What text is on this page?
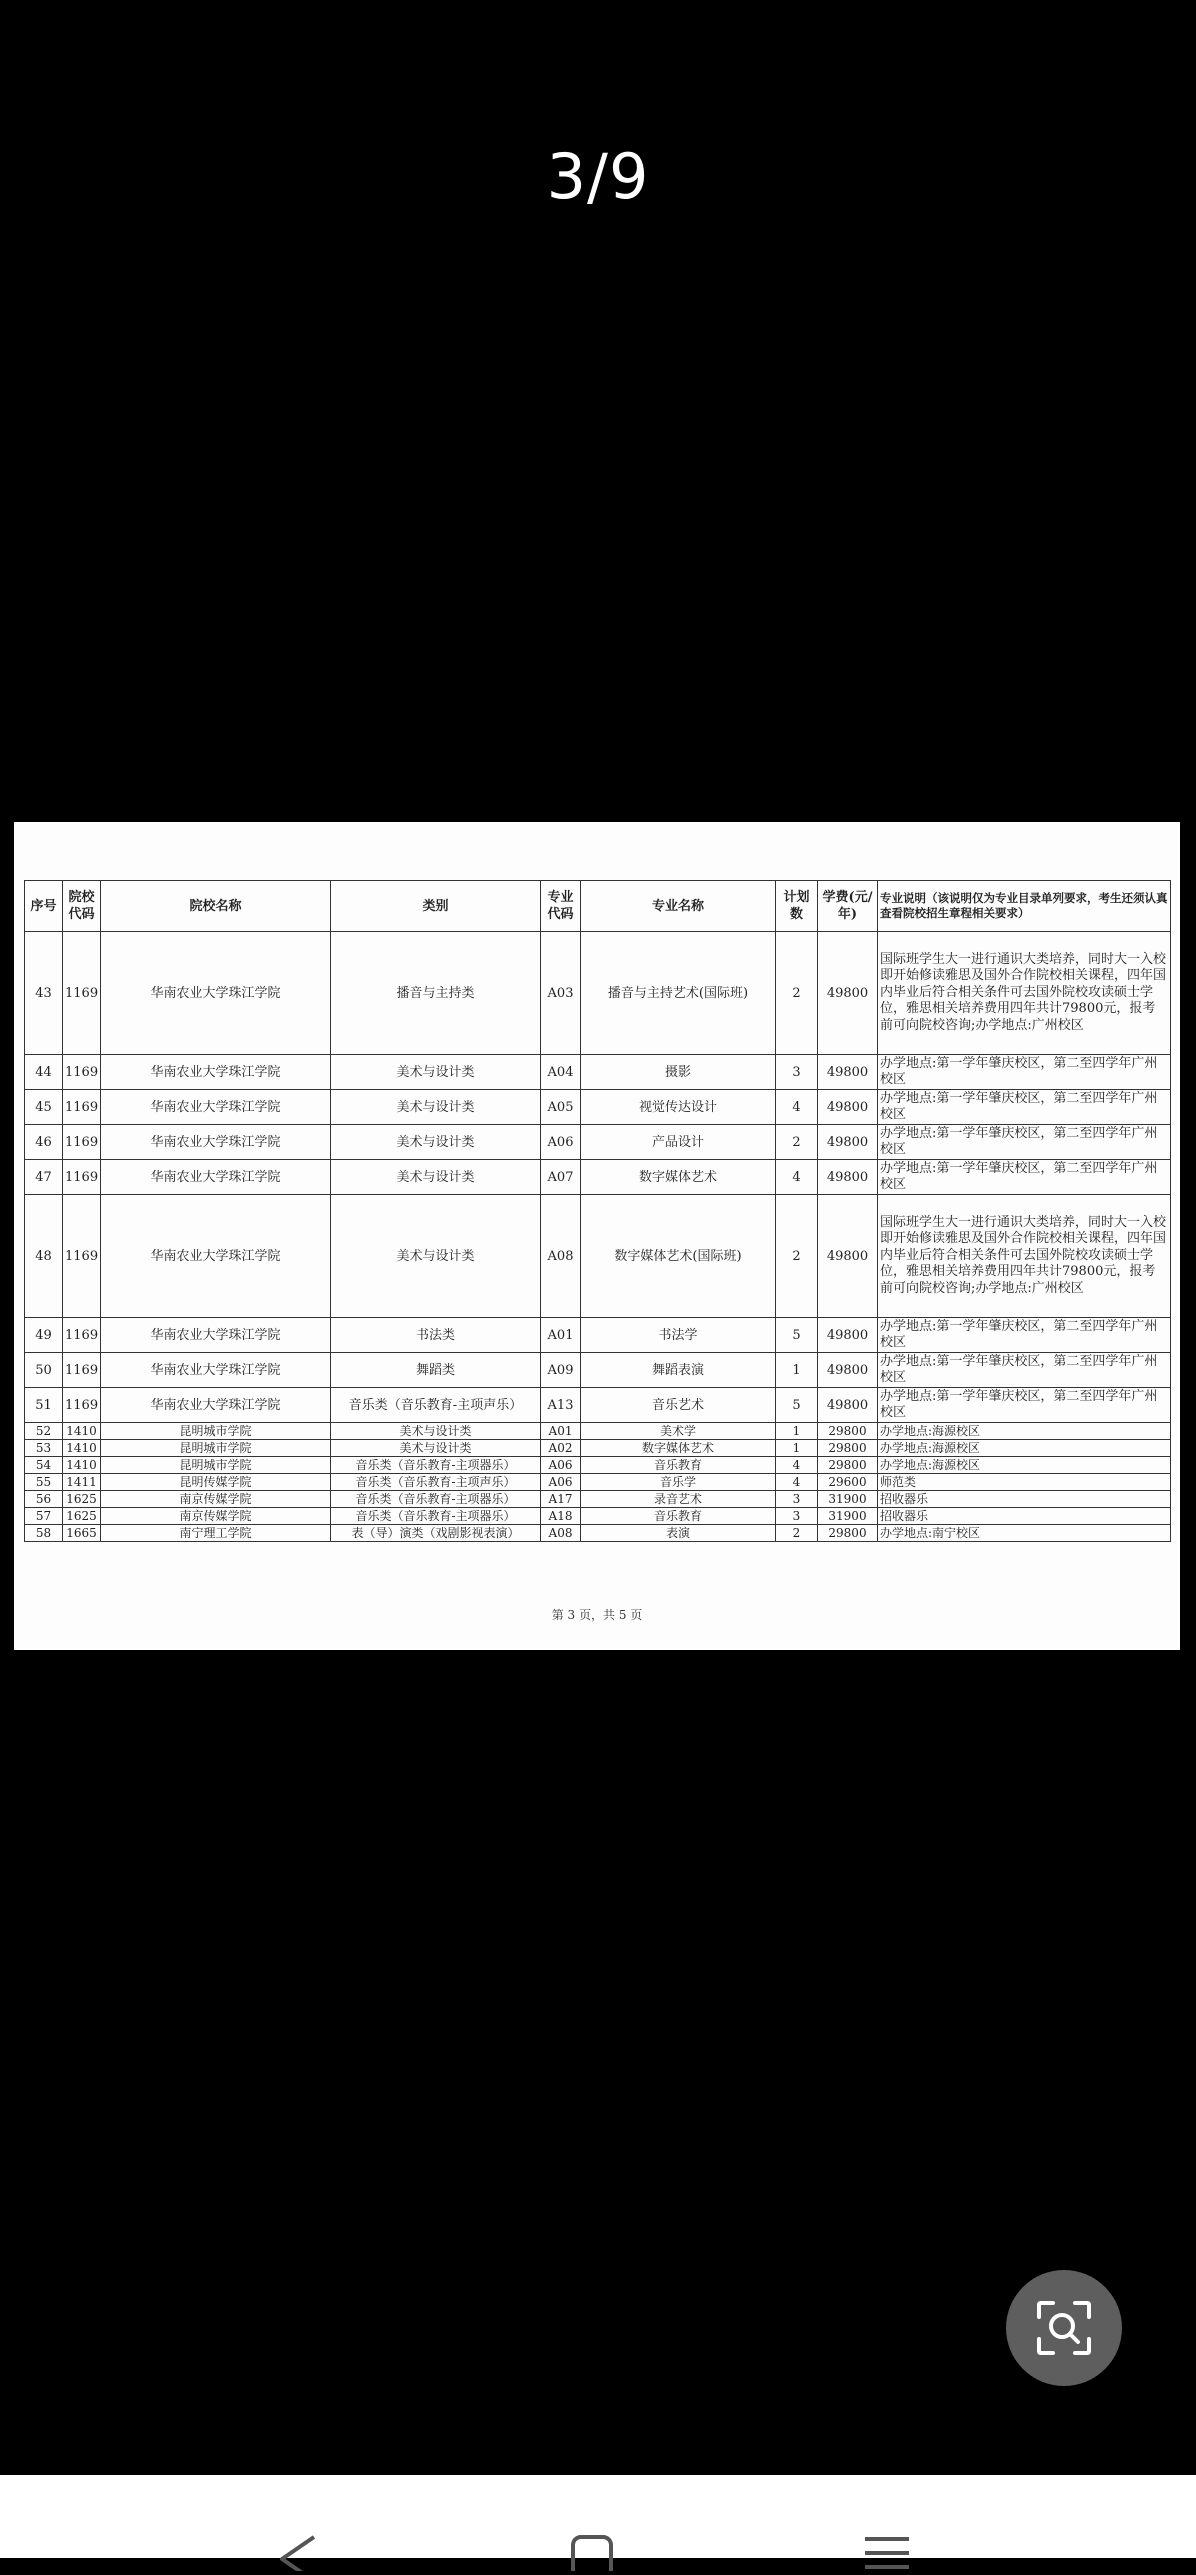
3/9
序号	院校代码	院校名称	类别	专业代码	专业名称	计划数	学费(元/年)	专业说明（该说明仅为专业目录单列要求，考生还须认真查看院校招生章程相关要求）
43	1169	华南农业大学珠江学院	播音与主持类	A03	播音与主持艺术(国际班)	2	49800	国际班学生大一进行通识大类培养，同时大一入校即开始修读雅思及国外合作院校相关课程，四年国内毕业后符合相关条件可去国外院校攻读硕士学位，雅思相关培养费用四年共计79800元，报考前可向院校咨询;办学地点:广州校区
44	1169	华南农业大学珠江学院	美术与设计类	A04	摄影	3	49800	办学地点:第一学年肇庆校区，第二至四学年广州校区
45	1169	华南农业大学珠江学院	美术与设计类	A05	视觉传达设计	4	49800	办学地点:第一学年肇庆校区，第二至四学年广州校区
46	1169	华南农业大学珠江学院	美术与设计类	A06	产品设计	2	49800	办学地点:第一学年肇庆校区，第二至四学年广州校区
47	1169	华南农业大学珠江学院	美术与设计类	A07	数字媒体艺术	4	49800	办学地点:第一学年肇庆校区，第二至四学年广州校区
48	1169	华南农业大学珠江学院	美术与设计类	A08	数字媒体艺术(国际班)	2	49800	国际班学生大一进行通识大类培养，同时大一入校即开始修读雅思及国外合作院校相关课程，四年国内毕业后符合相关条件可去国外院校攻读硕士学位，雅思相关培养费用四年共计79800元，报考前可向院校咨询;办学地点:广州校区
49	1169	华南农业大学珠江学院	书法类	A01	书法学	5	49800	办学地点:第一学年肇庆校区，第二至四学年广州校区
50	1169	华南农业大学珠江学院	舞蹈类	A09	舞蹈表演	1	49800	办学地点:第一学年肇庆校区，第二至四学年广州校区
51	1169	华南农业大学珠江学院	音乐类（音乐教育-主项声乐）	A13	音乐艺术	5	49800	办学地点:第一学年肇庆校区，第二至四学年广州校区
52	1410	昆明城市学院	美术与设计类	A01	美术学	1	29800	办学地点:海源校区
53	1410	昆明城市学院	美术与设计类	A02	数字媒体艺术	1	29800	办学地点:海源校区
54	1410	昆明城市学院	音乐类（音乐教育-主项器乐）	A06	音乐教育	4	29800	办学地点:海源校区
55	1411	昆明传媒学院	音乐类（音乐教育-主项声乐）	A06	音乐学	4	29600	师范类
56	1625	南京传媒学院	音乐类（音乐教育-主项器乐）	A17	录音艺术	3	31900	招收器乐
57	1625	南京传媒学院	音乐类（音乐教育-主项器乐）	A18	音乐教育	3	31900	招收器乐
58	1665	南宁理工学院	表（导）演类（戏剧影视表演）	A08	表演	2	29800	办学地点:南宁校区
第 3 页，共 5 页
